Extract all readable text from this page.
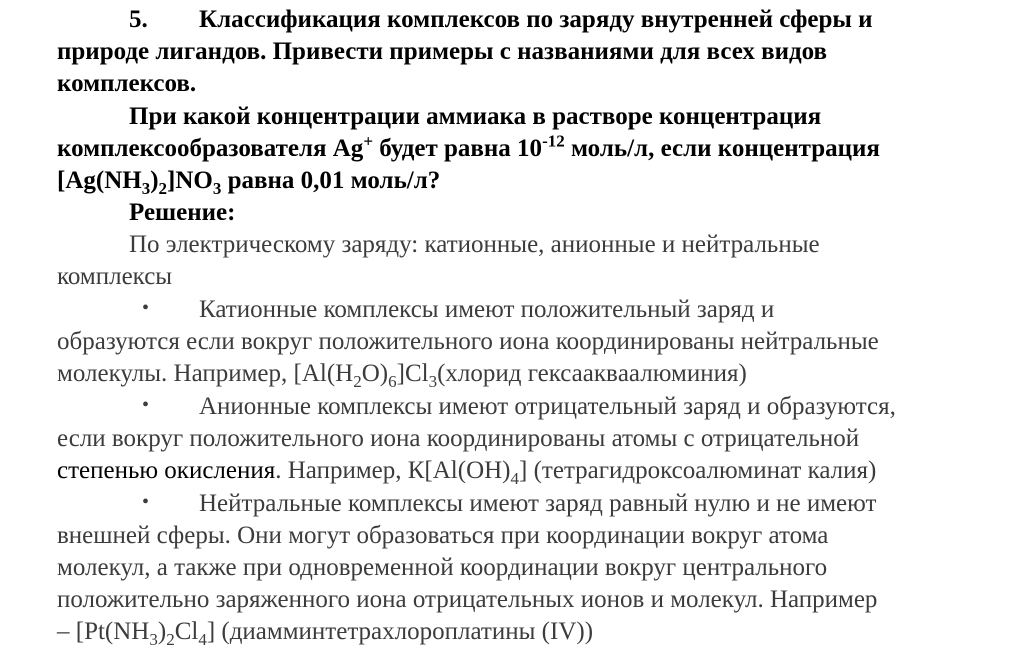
5. Классификация комплексов по заряду внутренней сферы и
природе лигандов. Привести примеры с названиями для всех видов
комплексов.
При какой концентрации аммиака в растворе концентрация
комплексообразователя Ag+ будет равна $10^{-12}$ моль/л, если концентрация
$[Ag(NH_3)_2]NO_3$ равна 0,01 моль/л?
Решение:
По электрическому заряду: катионные, анионные и нейтральные
комплексы
• Катионные комплексы имеют положительный заряд и
образуются если вокруг положительного иона координированы нейтральные
молекулы. Например, $[Al(H_2O)_6]Cl_3(хлорид$ гексааквaалюминия)
• Анионные комплексы имеют отрицательный заряд и образуются,
если вокруг положительного иона координированы атомы с отрицательной
степенью окисления. Например, $К[Al(OH)_4]$ (тетрагидроксоалюминат калия)
• Нейтральные комплексы имеют заряд равный нулю и не имеют
внешней сферы. Они могут образоваться при координации вокруг атома
молекул, а также при одновременной координации вокруг центрального
положительно заряженного иона отрицательных ионов и молекул. Например
– $[Pt(NH_3)_2Cl_4]$ (диамминтетрахлороплатины (IV))
